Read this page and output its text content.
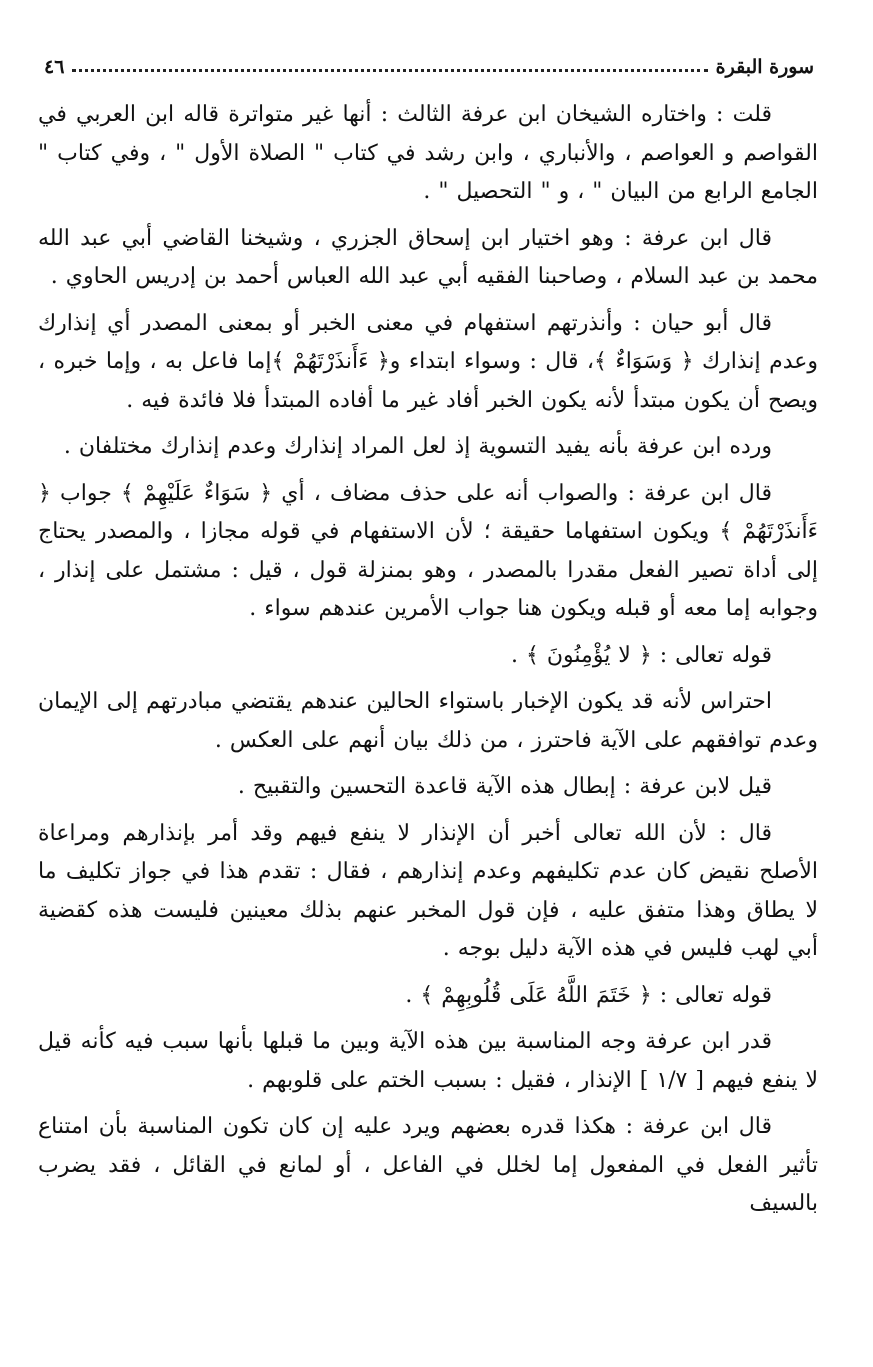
سورة البقرة
٤٦

قلت : واختاره الشيخان ابن عرفة الثالث : أنها غير متواترة قاله ابن العربي في القواصم و العواصم ، والأنباري ، وابن رشد في كتاب " الصلاة الأول " ، وفي كتاب " الجامع الرابع من البيان " ، و " التحصيل " .

قال ابن عرفة : وهو اختيار ابن إسحاق الجزري ، وشيخنا القاضي أبي عبد الله محمد بن عبد السلام ، وصاحبنا الفقيه أبي عبد الله العباس أحمد بن إدريس الحاوي .

قال أبو حيان : وأنذرتهم استفهام في معنى الخبر أو بمعنى المصدر أي إنذارك وعدم إنذارك ﴿ وَسَوَاءٌ ﴾، قال : وسواء ابتداء و﴿ ءَأَنذَرْتَهُمْ ﴾إما فاعل به ، وإما خبره ، ويصح أن يكون مبتدأ لأنه يكون الخبر أفاد غير ما أفاده المبتدأ فلا فائدة فيه .

ورده ابن عرفة بأنه يفيد التسوية إذ لعل المراد إنذارك وعدم إنذارك مختلفان .

قال ابن عرفة : والصواب أنه على حذف مضاف ، أي ﴿ سَوَاءٌ عَلَيْهِمْ ﴾ جواب ﴿ ءَأَنذَرْتَهُمْ ﴾ ويكون استفهاما حقيقة ؛ لأن الاستفهام في قوله مجازا ، والمصدر يحتاج إلى أداة تصير الفعل مقدرا بالمصدر ، وهو بمنزلة قول ، قيل : مشتمل على إنذار ، وجوابه إما معه أو قبله ويكون هنا جواب الأمرين عندهم سواء .

قوله تعالى : ﴿ لا يُؤْمِنُونَ ﴾ .

احتراس لأنه قد يكون الإخبار باستواء الحالين عندهم يقتضي مبادرتهم إلى الإيمان وعدم توافقهم على الآية فاحترز ، من ذلك بيان أنهم على العكس .

قيل لابن عرفة : إبطال هذه الآية قاعدة التحسين والتقبيح .

قال : لأن الله تعالى أخبر أن الإنذار لا ينفع فيهم وقد أمر بإنذارهم ومراعاة الأصلح نقيض كان عدم تكليفهم وعدم إنذارهم ، فقال : تقدم هذا في جواز تكليف ما لا يطاق وهذا متفق عليه ، فإن قول المخبر عنهم بذلك معينين فليست هذه كقضية أبي لهب فليس في هذه الآية دليل بوجه .

قوله تعالى : ﴿ خَتَمَ اللَّهُ عَلَى قُلُوبِهِمْ ﴾ .

قدر ابن عرفة وجه المناسبة بين هذه الآية وبين ما قبلها بأنها سبب فيه كأنه قيل لا ينفع فيهم [ ١/٧ ] الإنذار ، فقيل : بسبب الختم على قلوبهم .

قال ابن عرفة : هكذا قدره بعضهم ويرد عليه إن كان تكون المناسبة بأن امتناع تأثير الفعل في المفعول إما لخلل في الفاعل ، أو لمانع في القائل ، فقد يضرب بالسيف
